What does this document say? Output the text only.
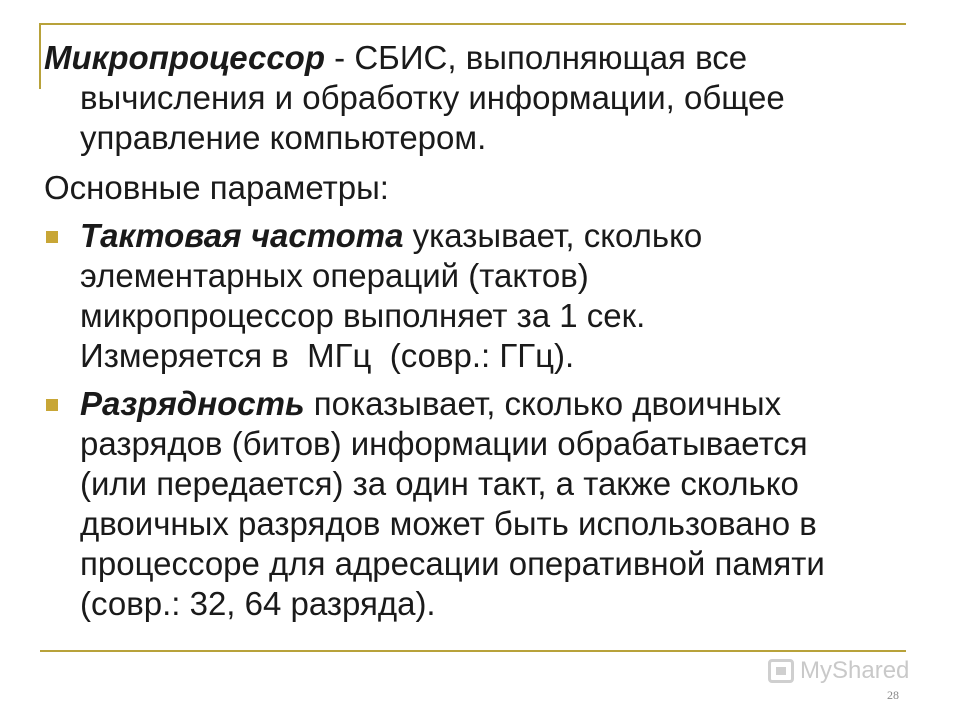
Микропроцессор - СБИС, выполняющая все

вычисления и обработку информации, общее

управление компьютером.

Основные параметры:

Тактовая частота указывает, сколько
элементарных операций (тактов)
микропроцессор выполняет за 1 сек.
Измеряется в  МГц  (совр.: ГГц).
Разрядность показывает, сколько двоичных
разрядов (битов) информации обрабатывается
(или передается) за один такт, а также сколько
двоичных разрядов может быть использовано в
процессоре для адресации оперативной памяти
(совр.: 32, 64 разряда).
MyShared
28
